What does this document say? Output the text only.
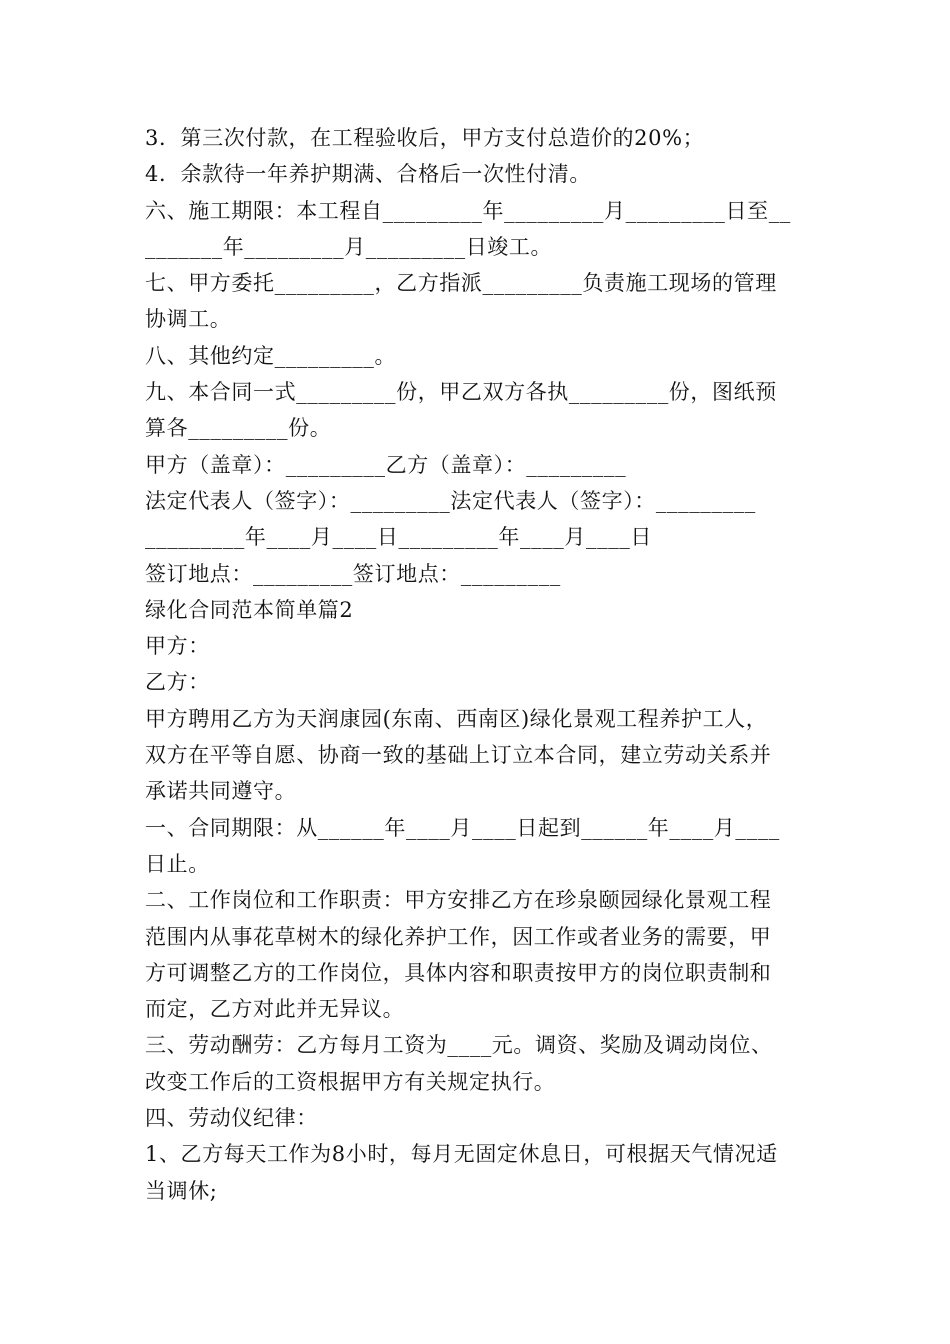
3．第三次付款，在工程验收后，甲方支付总造价的20%；
4．余款待一年养护期满、合格后一次性付清。
六、施工期限：本工程自_________年_________月_________日至__
_______年_________月_________日竣工。
七、甲方委托_________，乙方指派_________负责施工现场的管理
协调工。
八、其他约定_________。
九、本合同一式_________份，甲乙双方各执_________份，图纸预
算各_________份。
甲方（盖章）：_________乙方（盖章）：_________
法定代表人（签字）：_________法定代表人（签字）：_________
_________年____月____日_________年____月____日
签订地点：_________签订地点：_________
绿化合同范本简单篇2
甲方：
乙方：
甲方聘用乙方为天润康园(东南、西南区)绿化景观工程养护工人，
双方在平等自愿、协商一致的基础上订立本合同，建立劳动关系并
承诺共同遵守。
一、合同期限：从______年____月____日起到______年____月____
日止。
二、工作岗位和工作职责：甲方安排乙方在珍泉颐园绿化景观工程
范围内从事花草树木的绿化养护工作，因工作或者业务的需要，甲
方可调整乙方的工作岗位，具体内容和职责按甲方的岗位职责制和
而定，乙方对此并无异议。
三、劳动酬劳：乙方每月工资为____元。调资、奖励及调动岗位、
改变工作后的工资根据甲方有关规定执行。
四、劳动仪纪律：
1、乙方每天工作为8小时，每月无固定休息日，可根据天气情况适
当调休;
